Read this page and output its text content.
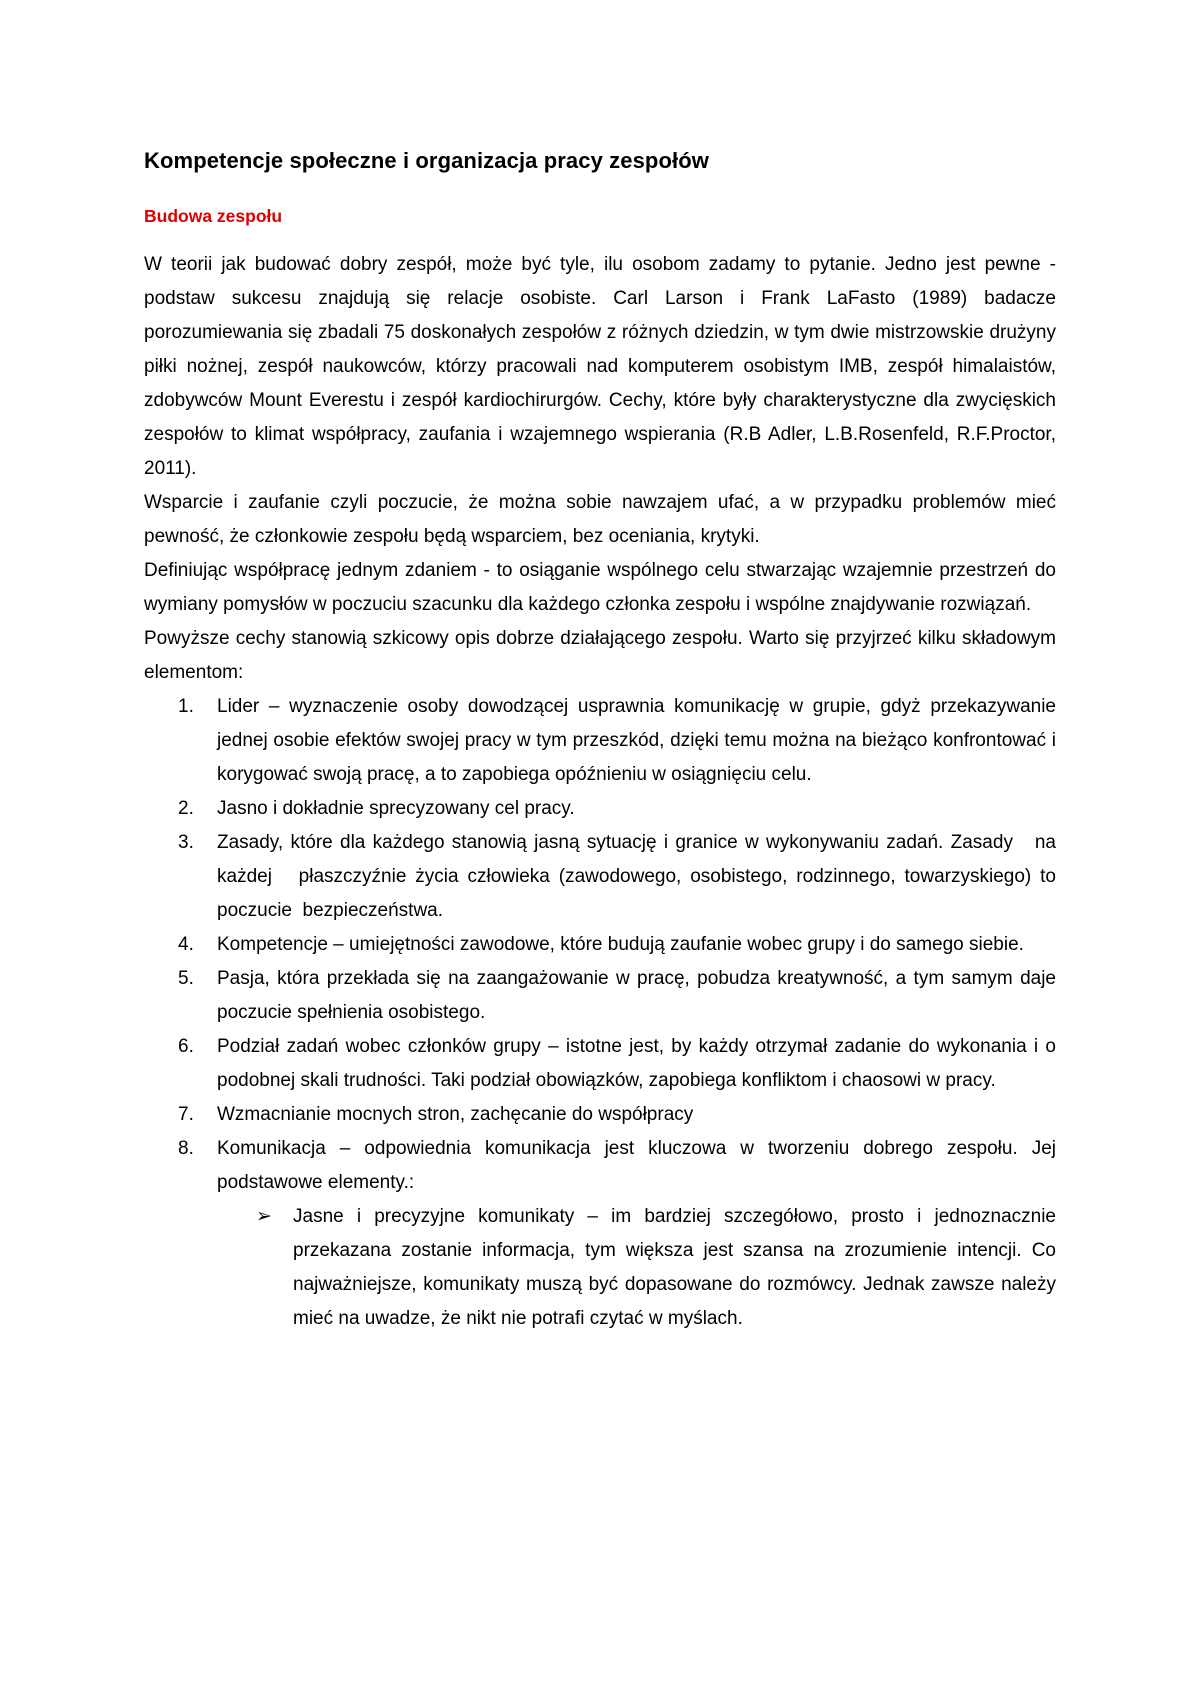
Kompetencje społeczne i organizacja pracy zespołów
Budowa zespołu

W teorii jak budować dobry zespół, może być tyle, ilu osobom zadamy to pytanie. Jedno jest pewne - podstaw sukcesu znajdują się relacje osobiste. Carl Larson i Frank LaFasto (1989) badacze porozumiewania się zbadali 75 doskonałych zespołów z różnych dziedzin, w tym dwie mistrzowskie drużyny piłki nożnej, zespół naukowców, którzy pracowali nad komputerem osobistym IMB, zespół himalaistów, zdobywców Mount Everestu i zespół kardiochirurgów. Cechy, które były charakterystyczne dla zwycięskich zespołów to klimat współpracy, zaufania i wzajemnego wspierania (R.B Adler, L.B.Rosenfeld, R.F.Proctor, 2011).

Wsparcie i zaufanie czyli poczucie, że można sobie nawzajem ufać, a w przypadku problemów mieć pewność, że członkowie zespołu będą wsparciem, bez oceniania, krytyki.

Definiując współpracę jednym zdaniem - to osiąganie wspólnego celu stwarzając wzajemnie przestrzeń do wymiany pomysłów w poczuciu szacunku dla każdego członka zespołu i wspólne znajdywanie rozwiązań.

Powyższe cechy stanowią szkicowy opis dobrze działającego zespołu. Warto się przyjrzeć kilku składowym elementom:

1. Lider – wyznaczenie osoby dowodzącej usprawnia komunikację w grupie, gdyż przekazywanie jednej osobie efektów swojej pracy w tym przeszkód, dzięki temu można na bieżąco konfrontować i korygować swoją pracę, a to zapobiega opóźnieniu w osiągnięciu celu.
2. Jasno i dokładnie sprecyzowany cel pracy.
3. Zasady, które dla każdego stanowią jasną sytuację i granice w wykonywaniu zadań. Zasady   na każdej   płaszczyźnie życia człowieka (zawodowego, osobistego, rodzinnego, towarzyskiego) to poczucie  bezpieczeństwa.
4. Kompetencje – umiejętności zawodowe, które budują zaufanie wobec grupy i do samego siebie.
5. Pasja, która przekłada się na zaangażowanie w pracę, pobudza kreatywność, a tym samym daje poczucie spełnienia osobistego.
6. Podział zadań wobec członków grupy – istotne jest, by każdy otrzymał zadanie do wykonania i o podobnej skali trudności. Taki podział obowiązków, zapobiega konfliktom i chaosowi w pracy.
7. Wzmacnianie mocnych stron, zachęcanie do współpracy
8. Komunikacja – odpowiednia komunikacja jest kluczowa w tworzeniu dobrego zespołu. Jej podstawowe elementy.:
➢ Jasne i precyzyjne komunikaty – im bardziej szczegółowo, prosto i jednoznacznie przekazana zostanie informacja, tym większa jest szansa na zrozumienie intencji. Co najważniejsze, komunikaty muszą być dopasowane do rozmówcy. Jednak zawsze należy mieć na uwadze, że nikt nie potrafi czytać w myślach.
